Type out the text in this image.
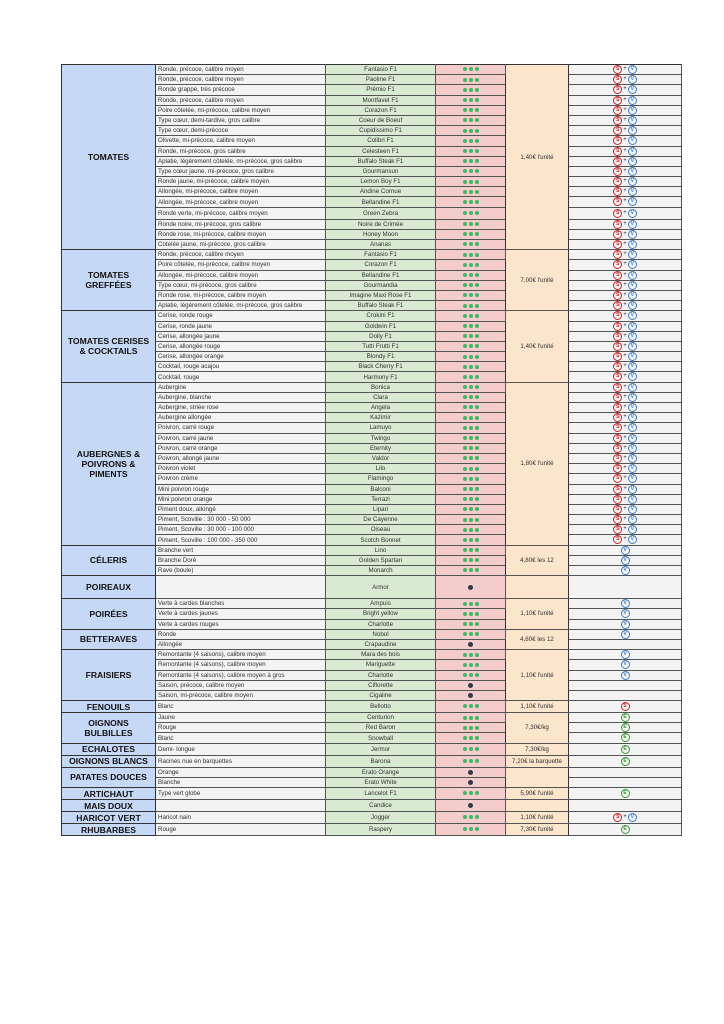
TOMATES	Ronde, précoce, calibre moyen	Fantasio F1		1,40€ l'unité	S + V
	Ronde, précoce, calibre moyen	Paoline F1			S + V
	Ronde grappe, très précoce	Prémio F1			S + V
	Ronde, précoce, calibre moyen	Montfavet F1			S + V
	Poire côtelée, mi-précoce, calibre moyen	Corazon F1			S + V
	Type cœur, demi-tardive, gros calibre	Coeur de Boeuf			S + V
	Type cœur, demi-précoce	Cupidissimo F1			S + V
	Olivette, mi-précoce, calibre moyen	Colibri F1			S + V
	Ronde, mi-précoce, gros calibre	Celesteen F1			S + V
	Aplatie, légèrement côtelée, mi-précoce, gros calibre	Buffalo Steak F1			S + V
	Type cœur jaune, mi-précoce, gros calibre	Gourmansun			S + V
	Ronde jaune, mi-précoce, calibre moyen	Lemon Boy F1			S + V
	Allongée, mi-précoce, calibre moyen	Andine Cornue			S + V
	Allongée, mi-précoce, calibre moyen	Bellandine F1			S + V
	Ronde verte, mi-précoce, calibre moyen	Green Zebra			S + V
	Ronde noire, mi-précoce, gros calibre	Noire de Crimée			S + V
	Ronde rose, mi-précoce, calibre moyen	Honey Moon			S + V
	Cotelée jaune, mi-précoce, gros calibre	Ananas			S + V
TOMATES GREFFÉES	Ronde, précoce, calibre moyen	Fantasio F1		7,00€ l'unité	S + V
	Poire côtelée, mi-précoce, calibre moyen	Corazon F1			S + V
	Allongée, mi-précoce, calibre moyen	Bellandine F1			S + V
	Type cœur, mi-précoce, gros calibre	Gourmandia			S + V
	Ronde rose, mi-précoce, calibre moyen	Imagine Maxi Rose F1			S + V
	Aplatie, légèrement côtelée, mi-précoce, gros calibre	Buffalo Steak F1			S + V
TOMATES CERISES & COCKTAILS	Cerise, ronde rouge	Crokini F1		1,40€ l'unité	S + V
	Cerise, ronde jaune	Goldwin F1			S + V
	Cerise, allongée jaune	Dolly F1			S + V
	Cerise, allongée rouge	Tutti Frutti F1			S + V
	Cerise, allongée orange	Blondy F1			S + V
	Cocktail, rouge acajou	Black Cherry F1			S + V
	Cocktail, rouge	Harmony F1			S + V
AUBERGNES & POIVRONS & PIMENTS	Aubergine	Bonica		1,80€ l'unité	S + V
	Aubergine, blanche	Clara			S + V
	Aubergine, striée rose	Angela			S + V
	Aubergine allongée	Kazimir			S + V
	Poivron, carré rouge	Lamuyo			S + V
	Poivron, carré jaune	Twingo			S + V
	Poivron, carré orange	Eternity			S + V
	Poivron, allongé jaune	Valdor			S + V
	Poivron violet	Lilo			S + V
	Poivron crème	Flamingo			S + V
	Mini poivron rouge	Balconi			S + V
	Mini poivron orange	Terrazi			S + V
	Piment doux, allongé	Lipari			S + V
	Piment, Scoville : 30 000 - 50 000	De Cayenne			S + V
	Piment, Scoville : 30 000 - 100 000	Oiseau			S + V
	Piment, Scoville : 100 000 - 350 000	Scotch Bonnet			S + V
CÉLERIS	Branche vert	Lino		4,80€ les 12	V
	Branche Doré	Golden Spartan			V
	Rave (boule)	Monarch			V
POIREAUX		Armor			
POIRÉES	Verte à cardes blanches	Ampuis		1,10€ l'unité	V
	Verte à cardes jaunes	Bright yellow			V
	Verte à cardes rouges	Charlotte			V
BETTERAVES	Ronde	Nobol		4,80€ les 12	V
	Allongée	Crapaudine			
FRAISIERS	Remontante (4 saisons), calibre moyen	Mara des bois		1,10€ l'unité	V
	Remontante (4 saisons), calibre moyen	Mariguette			V
	Remontante (4 saisons), calibre moyen à gros	Charlotte			V
	Saison, précoce, calibre moyen	Ciflorette			
	Saison, mi-précoce, calibre moyen	Cigaline			
FENOUILS	Blanc	Bellotto		1,10€ l'unité	S
OIGNONS BULBILLES	Jaune	Centurion		7,30€/kg	E
	Rouge	Red Baron			E
	Blanc	Snowball			E
ECHALOTES	Demi- longue	Jermor		7,30€/kg	E
OIGNONS BLANCS	Racines nue en barquettes	Barona		7,20€ la barquette	E
PATATES DOUCES	Orange	Erato Orange			
	Blanche	Erato White			
ARTICHAUT	Type vert globe	Lancelot F1		5,90€ l'unité	E
MAIS DOUX		Candice			
HARICOT VERT	Haricot nain	Jogger		1,10€ l'unité	S + V
RHUBARBES	Rouge	Raspery		7,30€ l'unité	E
